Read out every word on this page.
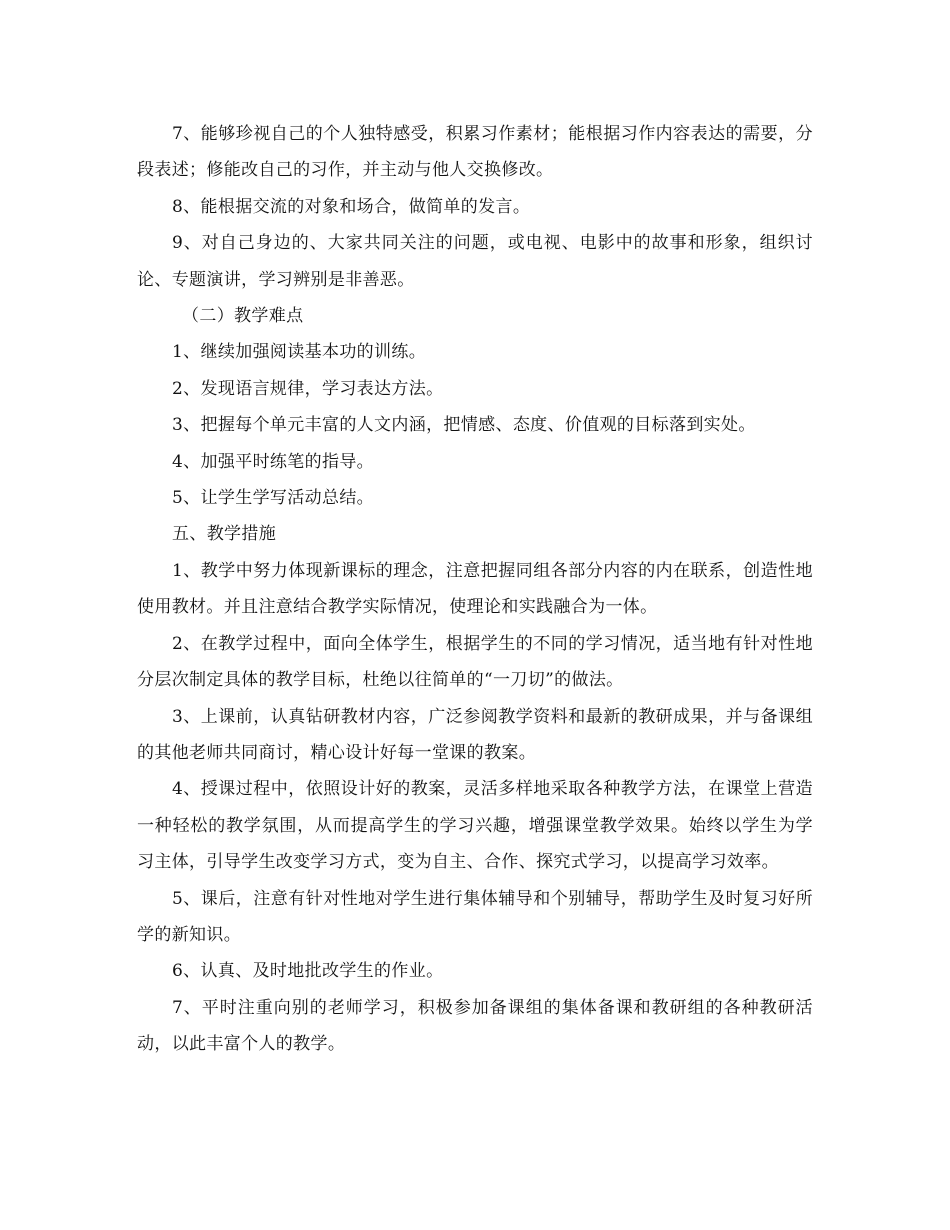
7、能够珍视自己的个人独特感受，积累习作素材；能根据习作内容表达的需要，分段表述；修能改自己的习作，并主动与他人交换修改。

8、能根据交流的对象和场合，做简单的发言。

9、对自己身边的、大家共同关注的问题，或电视、电影中的故事和形象，组织讨论、专题演讲，学习辨别是非善恶。

（二）教学难点

1、继续加强阅读基本功的训练。

2、发现语言规律，学习表达方法。

3、把握每个单元丰富的人文内涵，把情感、态度、价值观的目标落到实处。

4、加强平时练笔的指导。

5、让学生学写活动总结。

五、教学措施

1、教学中努力体现新课标的理念，注意把握同组各部分内容的内在联系，创造性地使用教材。并且注意结合教学实际情况，使理论和实践融合为一体。

2、在教学过程中，面向全体学生，根据学生的不同的学习情况，适当地有针对性地分层次制定具体的教学目标，杜绝以往简单的“一刀切”的做法。

3、上课前，认真钻研教材内容，广泛参阅教学资料和最新的教研成果，并与备课组的其他老师共同商讨，精心设计好每一堂课的教案。

4、授课过程中，依照设计好的教案，灵活多样地采取各种教学方法，在课堂上营造一种轻松的教学氛围，从而提高学生的学习兴趣，增强课堂教学效果。始终以学生为学习主体，引导学生改变学习方式，变为自主、合作、探究式学习，以提高学习效率。

5、课后，注意有针对性地对学生进行集体辅导和个别辅导，帮助学生及时复习好所学的新知识。

6、认真、及时地批改学生的作业。

7、平时注重向别的老师学习，积极参加备课组的集体备课和教研组的各种教研活动，以此丰富个人的教学。
